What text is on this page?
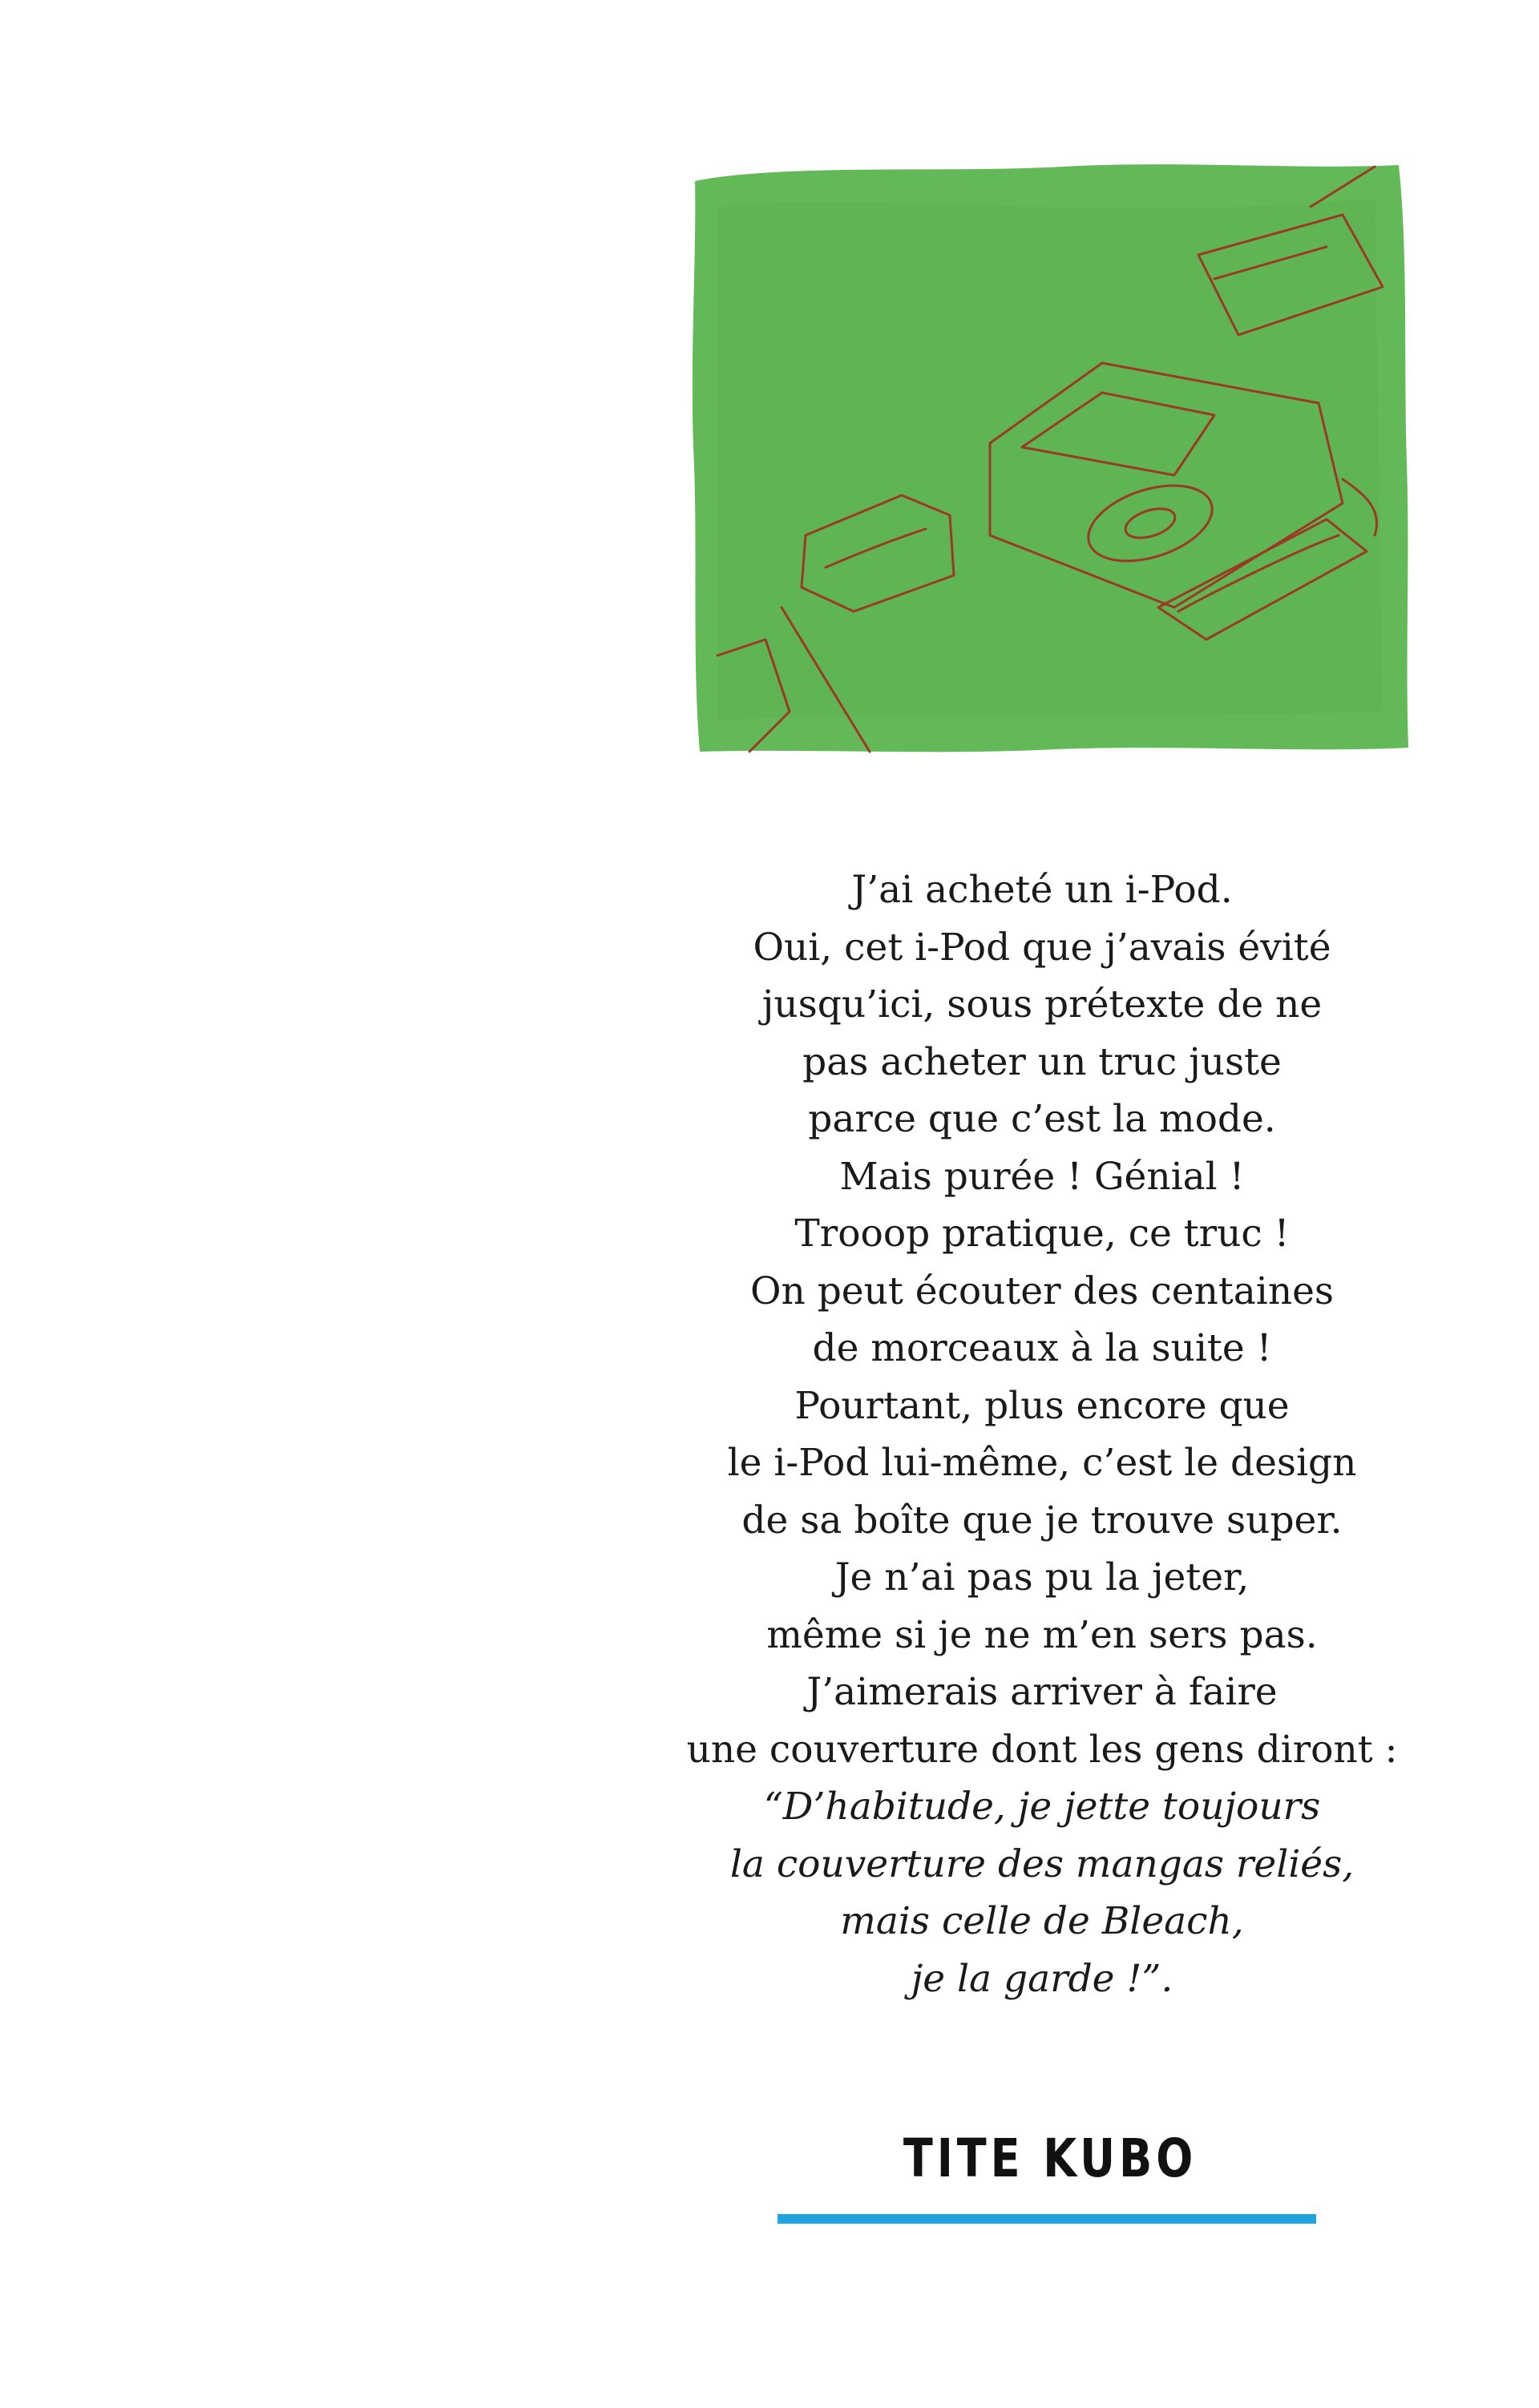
J’ai acheté un i-Pod.
Oui, cet i-Pod que j’avais évité
jusqu’ici, sous prétexte de ne
pas acheter un truc juste
parce que c’est la mode.
Mais purée ! Génial !
Trooop pratique, ce truc !
On peut écouter des centaines
de morceaux à la suite !
Pourtant, plus encore que
le i-Pod lui-même, c’est le design
de sa boîte que je trouve super.
Je n’ai pas pu la jeter,
même si je ne m’en sers pas.
J’aimerais arriver à faire
une couverture dont les gens diront :
“D’habitude, je jette toujours
la couverture des mangas reliés,
mais celle de Bleach,
je la garde !”.
TITE KUBO
